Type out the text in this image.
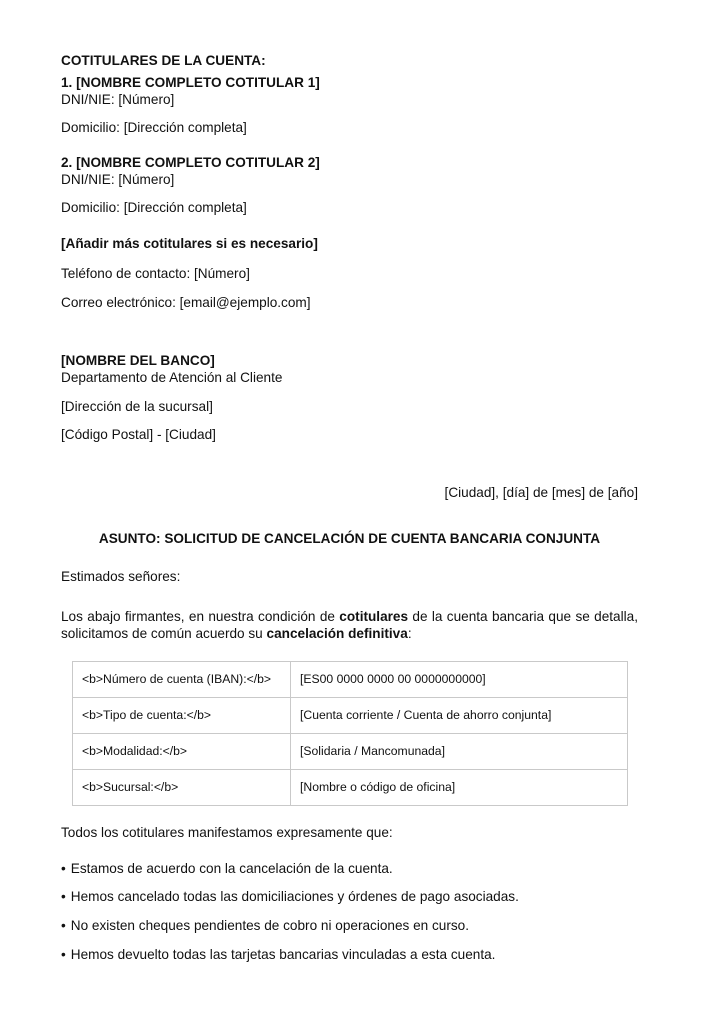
COTITULARES DE LA CUENTA:

1. [NOMBRE COMPLETO COTITULAR 1]

DNI/NIE: [Número]

Domicilio: [Dirección completa]

2. [NOMBRE COMPLETO COTITULAR 2]

DNI/NIE: [Número]

Domicilio: [Dirección completa]

[Añadir más cotitulares si es necesario]

Teléfono de contacto: [Número]

Correo electrónico: [email@ejemplo.com]

[NOMBRE DEL BANCO]

Departamento de Atención al Cliente

[Dirección de la sucursal]

[Código Postal] - [Ciudad]

[Ciudad], [día] de [mes] de [año]

ASUNTO: SOLICITUD DE CANCELACIÓN DE CUENTA BANCARIA CONJUNTA

Estimados señores:

Los abajo firmantes, en nuestra condición de cotitulares de la cuenta bancaria que se detalla, solicitamos de común acuerdo su cancelación definitiva:

<b>Número de cuenta (IBAN):</b>	[ES00 0000 0000 00 0000000000]
<b>Tipo de cuenta:</b>	[Cuenta corriente / Cuenta de ahorro conjunta]
<b>Modalidad:</b>	[Solidaria / Mancomunada]
<b>Sucursal:</b>	[Nombre o código de oficina]

Todos los cotitulares manifestamos expresamente que:

• Estamos de acuerdo con la cancelación de la cuenta.

• Hemos cancelado todas las domiciliaciones y órdenes de pago asociadas.

• No existen cheques pendientes de cobro ni operaciones en curso.

• Hemos devuelto todas las tarjetas bancarias vinculadas a esta cuenta.
